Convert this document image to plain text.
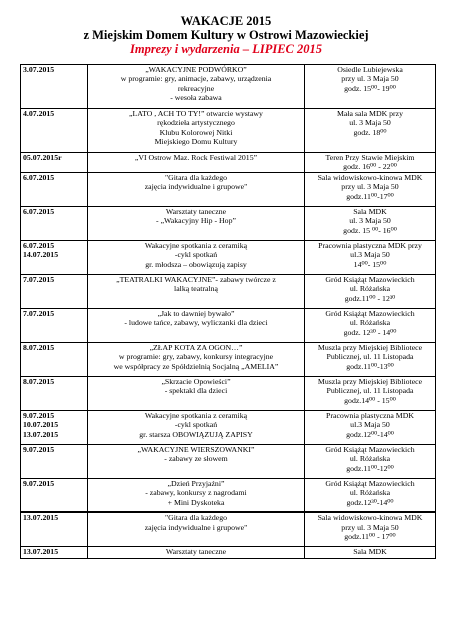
WAKACJE 2015
z Miejskim Domem Kultury w Ostrowi Mazowieckiej
Imprezy i wydarzenia – LIPIEC 2015
3.07.2015	„WAKACYJNE PODWÓRKO”
w programie: gry, animacje, zabawy, urządzenia
rekreacyjne
- wesoła zabawa	Osiedle Lubiejewska
przy ul. 3 Maja 50
godz. 15⁰⁰- 19⁰⁰

4.07.2015	„LATO , ACH TO TY!” otwarcie wystawy
rękodzieła artystycznego
Klubu Kolorowej Nitki
Miejskiego Domu Kultury	Mała sala MDK przy
ul. 3 Maja 50
godz. 18⁰⁰

05.07.2015r	„VI Ostrow Maz. Rock Festiwal 2015”	Teren Przy Stawie Miejskim
godz. 16⁰⁰ - 22⁰⁰

6.07.2015	"Gitara dla każdego
zajęcia indywidualne i grupowe"	Sala widowiskowo-kinowa MDK
przy ul. 3 Maja 50
godz.11⁰⁰-17⁰⁰

6.07.2015	Warsztaty taneczne
- „Wakacyjny Hip - Hop”	Sala MDK
ul. 3 Maja 50
godz. 15 ⁰⁰- 16⁰⁰

6.07.2015
14.07.2015	Wakacyjne spotkania z ceramiką
-cykl spotkań
gr. młodsza – obowiązują zapisy	Pracownia plastyczna MDK przy
ul.3 Maja 50
14⁰⁰- 15⁰⁰

7.07.2015	„TEATRALKI WAKACYJNE”- zabawy twórcze z
lalką teatralną	Gród Książąt Mazowieckich
ul. Różańska
godz.11⁰⁰ - 12³⁰

7.07.2015	„Jak to dawniej bywało”
- ludowe tańce, zabawy, wyliczanki dla dzieci	Gród Książąt Mazowieckich
ul. Różańska
godz. 12³⁰ - 14⁰⁰

8.07.2015	„ZŁAP KOTA ZA OGON…”
w programie: gry, zabawy, konkursy integracyjne
we współpracy ze Spółdzielnią Socjalną „AMELIA”	Muszla przy Miejskiej Bibliotece
Publicznej, ul. 11 Listopada
godz.11⁰⁰-13⁰⁰

8.07.2015	„Skrzacie Opowieści”
- spektakl dla dzieci	Muszla przy Miejskiej Bibliotece
Publicznej, ul. 11 Listopada
godz.14⁰⁰ - 15⁰⁰

9.07.2015
10.07.2015
13.07.2015	Wakacyjne spotkania z ceramiką
-cykl spotkań
gr. starsza OBOWIĄZUJĄ ZAPISY	Pracownia plastyczna MDK
ul.3 Maja 50
godz.12⁰⁰-14⁰⁰

9.07.2015	„WAKACYJNE WIERSZOWANKI”
- zabawy ze słowem	Gród Książąt Mazowieckich
ul. Różańska
godz.11⁰⁰-12⁰⁰

9.07.2015	„Dzień Przyjaźni”
- zabawy, konkursy z nagrodami
+ Mini Dyskoteka	Gród Książąt Mazowieckich
ul. Różańska
godz.12³⁰-14⁰⁰

13.07.2015	"Gitara dla każdego
zajęcia indywidualne i grupowe"	Sala widowiskowo-kinowa MDK
przy ul. 3 Maja 50
godz.11⁰⁰ - 17⁰⁰

13.07.2015	Warsztaty taneczne	Sala MDK
